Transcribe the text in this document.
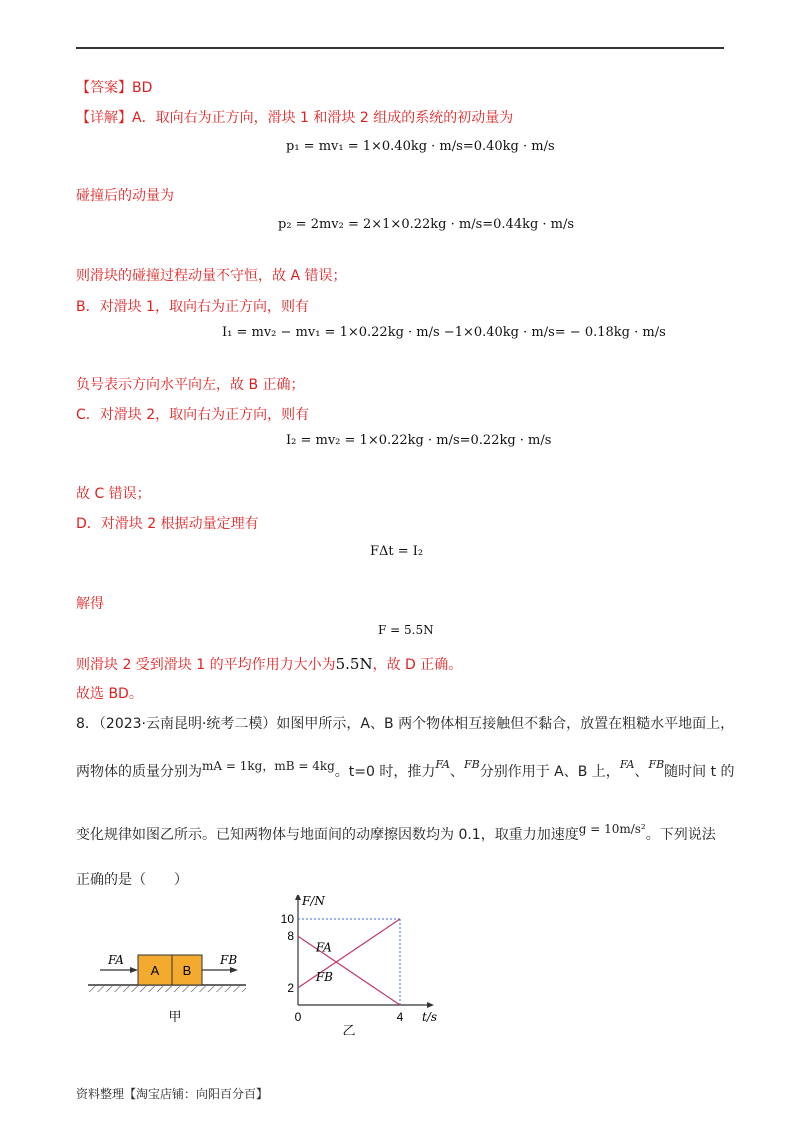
【答案】BD
【详解】A．取向右为正方向，滑块 1 和滑块 2 组成的系统的初动量为
p₁ = mv₁ = 1×0.40kg · m/s=0.40kg · m/s
碰撞后的动量为
p₂ = 2mv₂ = 2×1×0.22kg · m/s=0.44kg · m/s
则滑块的碰撞过程动量不守恒，故 A 错误；
B．对滑块 1，取向右为正方向，则有
I₁ = mv₂ − mv₁ = 1×0.22kg · m/s −1×0.40kg · m/s= − 0.18kg · m/s
负号表示方向水平向左，故 B 正确；
C．对滑块 2，取向右为正方向，则有
I₂ = mv₂ = 1×0.22kg · m/s=0.22kg · m/s
故 C 错误；
D．对滑块 2 根据动量定理有
FΔt = I₂
解得
F = 5.5N
则滑块 2 受到滑块 1 的平均作用力大小为5.5N，故 D 正确。
故选 BD。
8．（2023·云南昆明·统考二模）如图甲所示，A、B 两个物体相互接触但不黏合，放置在粗糙水平地面上，
两物体的质量分别为mA = 1kg，mB = 4kg。t=0 时，推力$^{FA}$、$^{FB}$分别作用于 A、B 上，$^{FA}$、$^{FB}$随时间 t 的
变化规律如图乙所示。已知两物体与地面间的动摩擦因数均为 0.1，取重力加速度g = 10m/s²。下列说法
正确的是（　　）
A B
FA	FB
甲
F/N
t/s
2
8
10
0	4
FA
FB
乙
资料整理【淘宝店铺：向阳百分百】
